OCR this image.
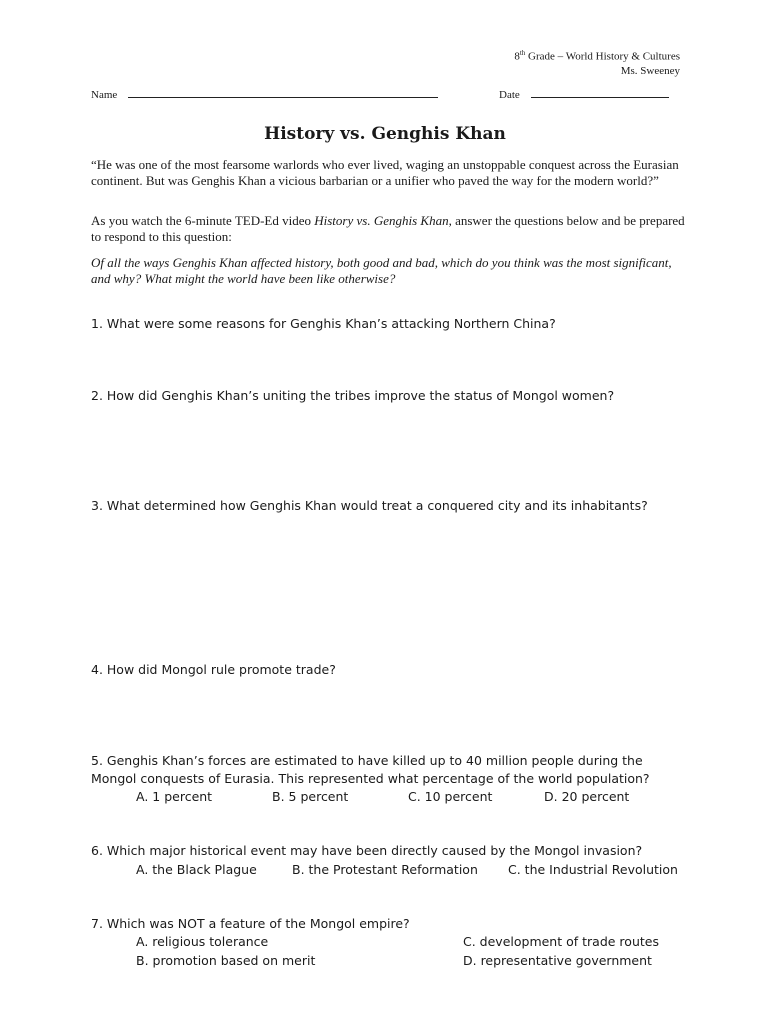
8th Grade – World History & Cultures
Ms. Sweeney
Name	Date
History vs. Genghis Khan
“He was one of the most fearsome warlords who ever lived, waging an unstoppable conquest across the Eurasian continent. But was Genghis Khan a vicious barbarian or a unifier who paved the way for the modern world?”
As you watch the 6-minute TED-Ed video History vs. Genghis Khan, answer the questions below and be prepared to respond to this question:
Of all the ways Genghis Khan affected history, both good and bad, which do you think was the most significant, and why? What might the world have been like otherwise?
1. What were some reasons for Genghis Khan’s attacking Northern China?
2. How did Genghis Khan’s uniting the tribes improve the status of Mongol women?
3. What determined how Genghis Khan would treat a conquered city and its inhabitants?
4. How did Mongol rule promote trade?
5. Genghis Khan’s forces are estimated to have killed up to 40 million people during the Mongol conquests of Eurasia. This represented what percentage of the world population?
A. 1 percent	B. 5 percent	C. 10 percent	D. 20 percent
6. Which major historical event may have been directly caused by the Mongol invasion?
A. the Black Plague	B. the Protestant Reformation C. the Industrial Revolution
7. Which was NOT a feature of the Mongol empire?
A. religious tolerance	C. development of trade routes
B. promotion based on merit	D. representative government
